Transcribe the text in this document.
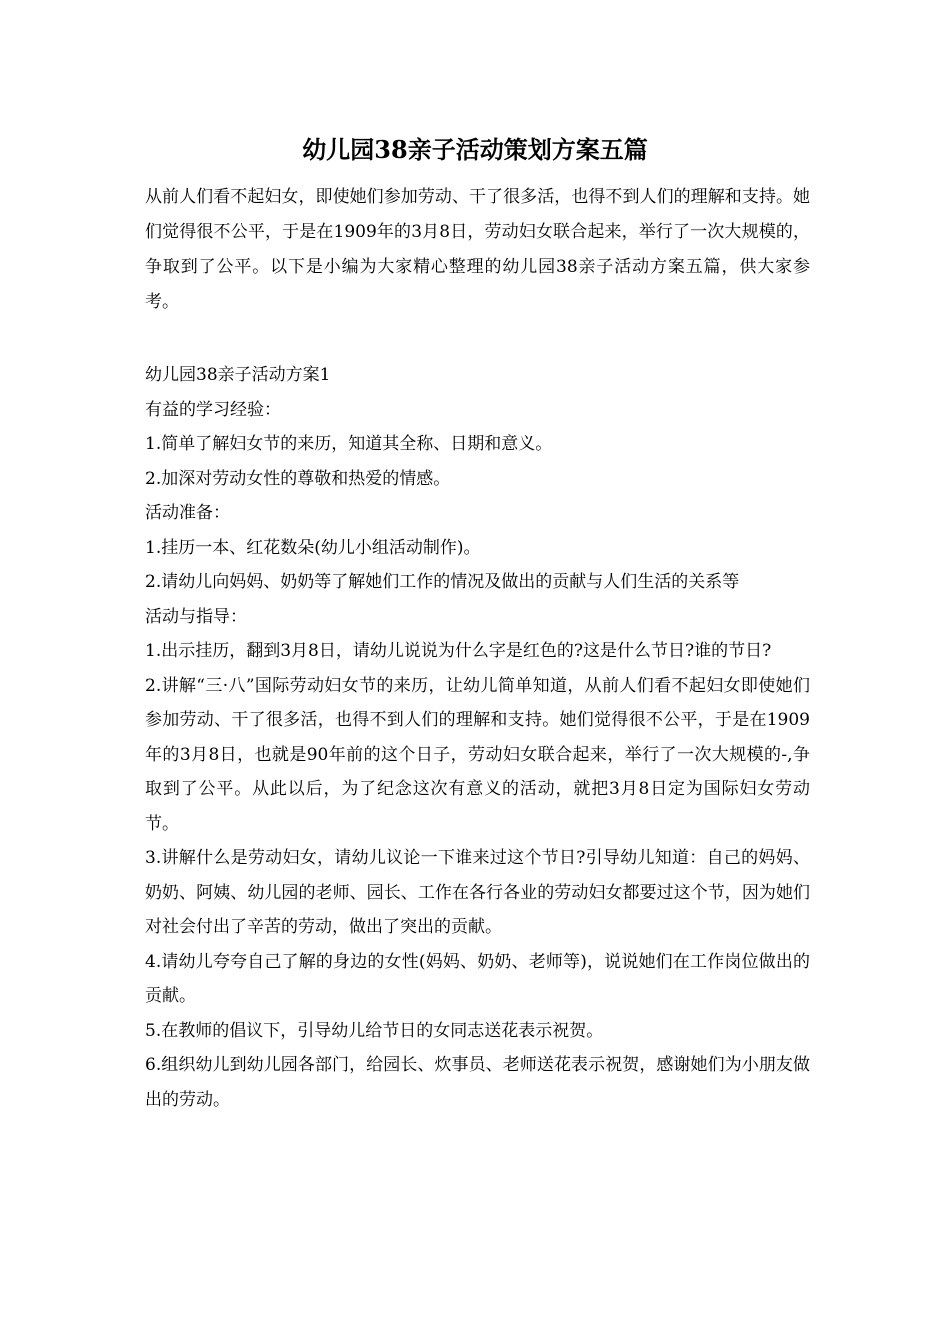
幼儿园38亲子活动策划方案五篇

从前人们看不起妇女，即使她们参加劳动、干了很多活，也得不到人们的理解和支持。她们觉得很不公平，于是在1909年的3月8日，劳动妇女联合起来，举行了一次大规模的，争取到了公平。以下是小编为大家精心整理的幼儿园38亲子活动方案五篇，供大家参考。

幼儿园38亲子活动方案1

有益的学习经验：

1.简单了解妇女节的来历，知道其全称、日期和意义。

2.加深对劳动女性的尊敬和热爱的情感。

活动准备：

1.挂历一本、红花数朵(幼儿小组活动制作)。

2.请幼儿向妈妈、奶奶等了解她们工作的情况及做出的贡献与人们生活的关系等

活动与指导：

1.出示挂历，翻到3月8日，请幼儿说说为什么字是红色的?这是什么节日?谁的节日?

2.讲解“三·八”国际劳动妇女节的来历，让幼儿简单知道，从前人们看不起妇女即使她们参加劳动、干了很多活，也得不到人们的理解和支持。她们觉得很不公平，于是在1909年的3月8日，也就是90年前的这个日子，劳动妇女联合起来，举行了一次大规模的-,争取到了公平。从此以后，为了纪念这次有意义的活动，就把3月8日定为国际妇女劳动节。

3.讲解什么是劳动妇女，请幼儿议论一下谁来过这个节日?引导幼儿知道：自己的妈妈、奶奶、阿姨、幼儿园的老师、园长、工作在各行各业的劳动妇女都要过这个节，因为她们对社会付出了辛苦的劳动，做出了突出的贡献。

4.请幼儿夸夸自己了解的身边的女性(妈妈、奶奶、老师等)，说说她们在工作岗位做出的贡献。

5.在教师的倡议下，引导幼儿给节日的女同志送花表示祝贺。

6.组织幼儿到幼儿园各部门，给园长、炊事员、老师送花表示祝贺，感谢她们为小朋友做出的劳动。
